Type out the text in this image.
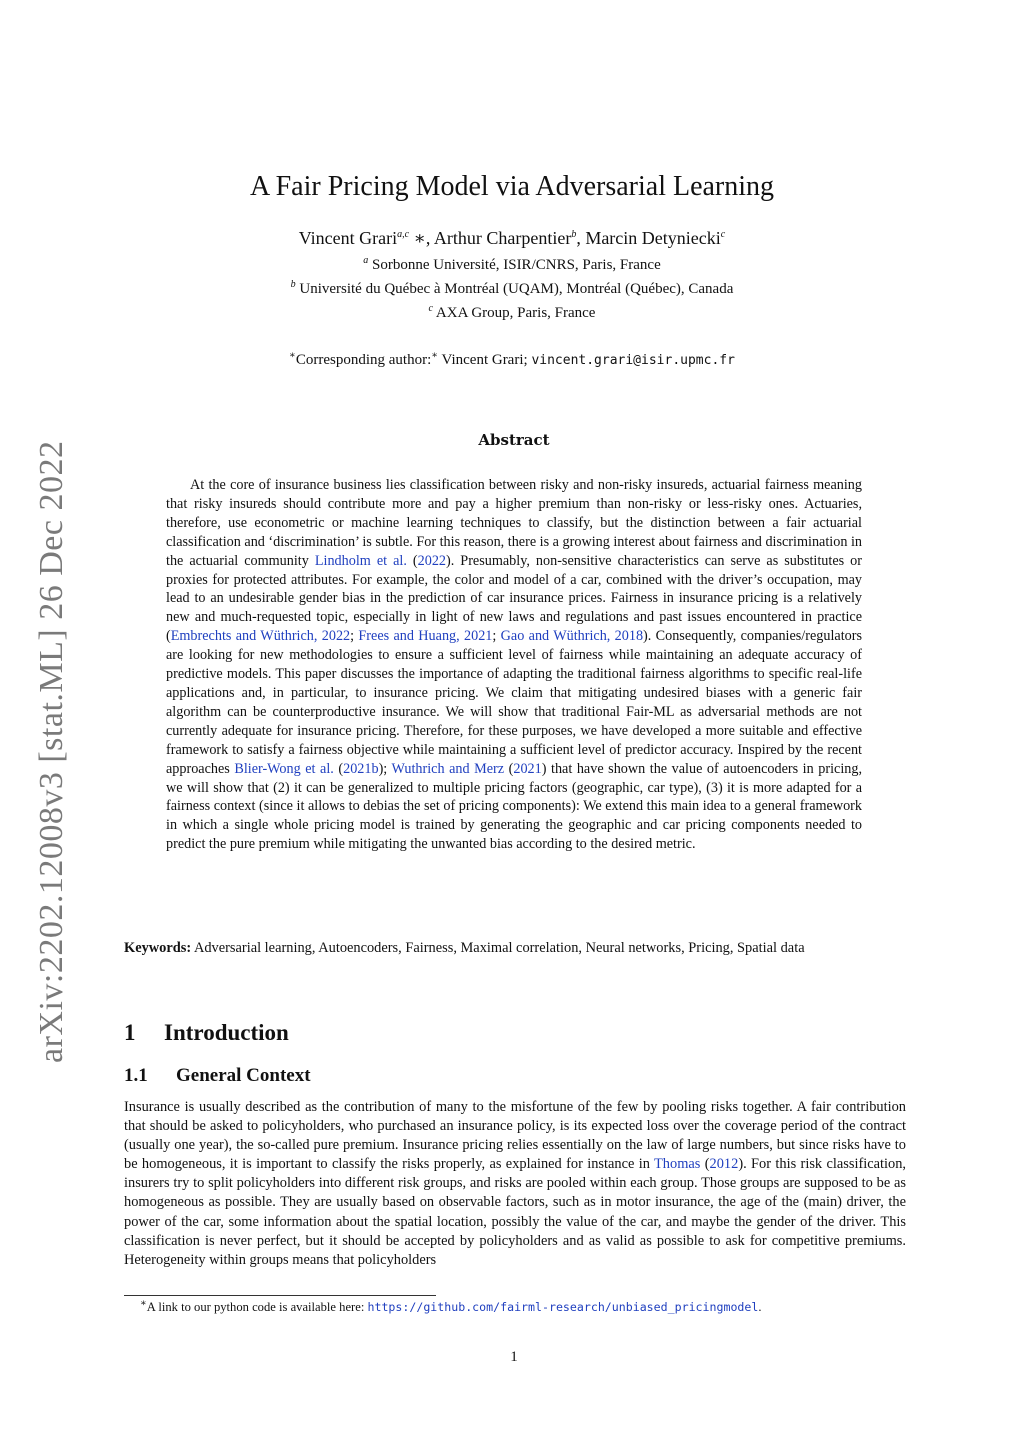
arXiv:2202.12008v3 [stat.ML] 26 Dec 2022
A Fair Pricing Model via Adversarial Learning
Vincent Grari$^{a,c}$ ∗, Arthur Charpentier$^b$, Marcin Detyniecki$^c$
$^a$ Sorbonne Université, ISIR/CNRS, Paris, France
$^b$ Université du Québec à Montréal (UQAM), Montréal (Québec), Canada
$^c$ AXA Group, Paris, France
∗Corresponding author:∗ Vincent Grari; vincent.grari@isir.upmc.fr
Abstract
At the core of insurance business lies classification between risky and non-risky insureds, actuarial fairness meaning that risky insureds should contribute more and pay a higher premium than non-risky or less-risky ones. Actuaries, therefore, use econometric or machine learning techniques to classify, but the distinction between a fair actuarial classification and ‘discrimination’ is subtle. For this reason, there is a growing interest about fairness and discrimination in the actuarial community Lindholm et al. (2022). Presumably, non-sensitive characteristics can serve as substitutes or proxies for protected attributes. For example, the color and model of a car, combined with the driver’s occupation, may lead to an undesirable gender bias in the prediction of car insurance prices. Fairness in insurance pricing is a relatively new and much-requested topic, especially in light of new laws and regulations and past issues encountered in practice (Embrechts and Wüthrich, 2022; Frees and Huang, 2021; Gao and Wüthrich, 2018). Consequently, companies/regulators are looking for new methodologies to ensure a sufficient level of fairness while maintaining an adequate accuracy of predictive models. This paper discusses the importance of adapting the traditional fairness algorithms to specific real-life applications and, in particular, to insurance pricing. We claim that mitigating undesired biases with a generic fair algorithm can be counterproductive insurance. We will show that traditional Fair-ML as adversarial methods are not currently adequate for insurance pricing. Therefore, for these purposes, we have developed a more suitable and effective framework to satisfy a fairness objective while maintaining a sufficient level of predictor accuracy. Inspired by the recent approaches Blier-Wong et al. (2021b); Wuthrich and Merz (2021) that have shown the value of autoencoders in pricing, we will show that (2) it can be generalized to multiple pricing factors (geographic, car type), (3) it is more adapted for a fairness context (since it allows to debias the set of pricing components): We extend this main idea to a general framework in which a single whole pricing model is trained by generating the geographic and car pricing components needed to predict the pure premium while mitigating the unwanted bias according to the desired metric.
Keywords: Adversarial learning, Autoencoders, Fairness, Maximal correlation, Neural networks, Pricing, Spatial data
1 Introduction
1.1 General Context
Insurance is usually described as the contribution of many to the misfortune of the few by pooling risks together. A fair contribution that should be asked to policyholders, who purchased an insurance policy, is its expected loss over the coverage period of the contract (usually one year), the so-called pure premium. Insurance pricing relies essentially on the law of large numbers, but since risks have to be homogeneous, it is important to classify the risks properly, as explained for instance in Thomas (2012). For this risk classification, insurers try to split policyholders into different risk groups, and risks are pooled within each group. Those groups are supposed to be as homogeneous as possible. They are usually based on observable factors, such as in motor insurance, the age of the (main) driver, the power of the car, some information about the spatial location, possibly the value of the car, and maybe the gender of the driver. This classification is never perfect, but it should be accepted by policyholders and as valid as possible to ask for competitive premiums. Heterogeneity within groups means that policyholders
∗A link to our python code is available here: https://github.com/fairml-research/unbiased_pricingmodel.
1
